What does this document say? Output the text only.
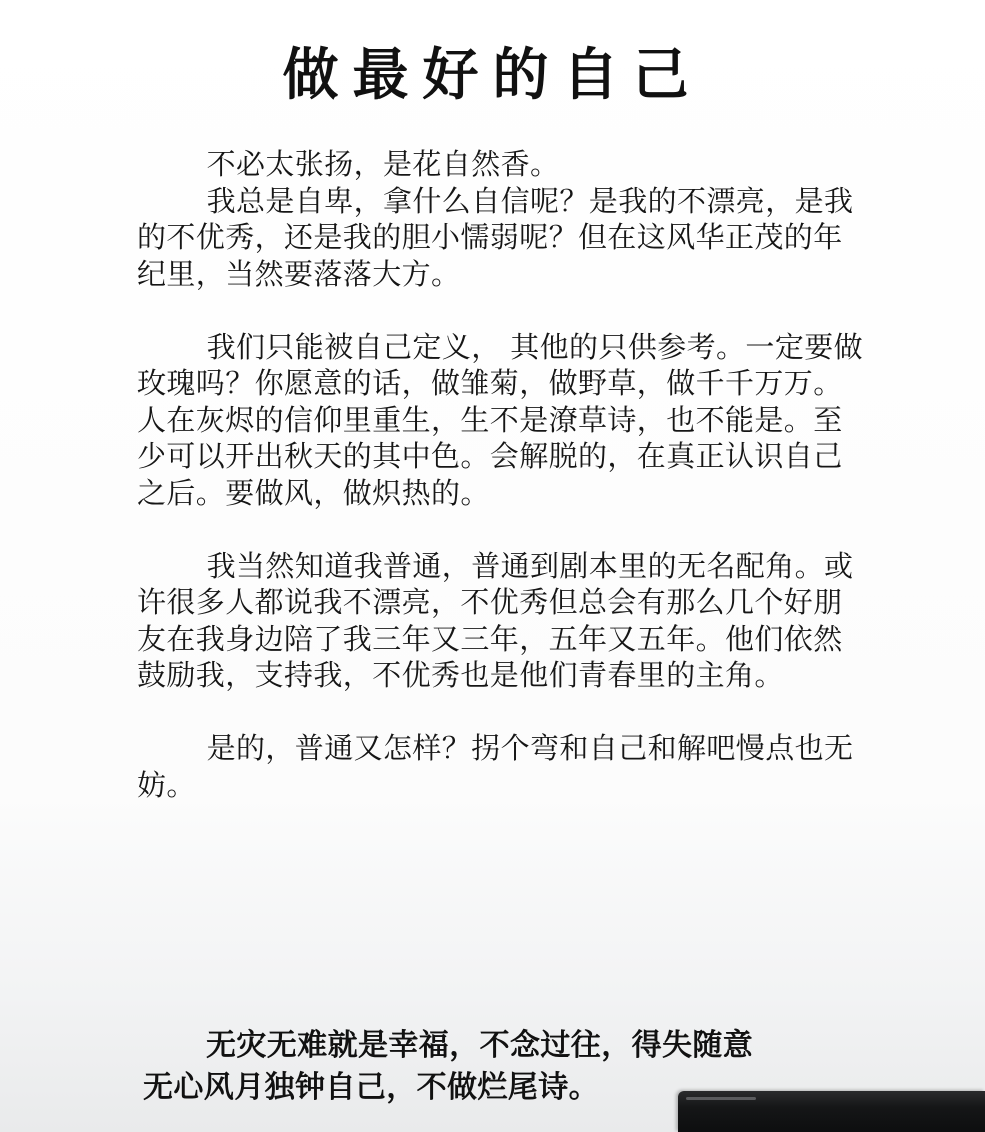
做最好的自己

不必太张扬，是花自然香。

我总是自卑，拿什么自信呢？是我的不漂亮，是我的不优秀，还是我的胆小懦弱呢？但在这风华正茂的年纪里，当然要落落大方。

我们只能被自己定义， 其他的只供参考。一定要做玫瑰吗？你愿意的话，做雏菊，做野草，做千千万万。人在灰烬的信仰里重生，生不是潦草诗，也不能是。至少可以开出秋天的其中色。会解脱的，在真正认识自己之后。要做风，做炽热的。

我当然知道我普通，普通到剧本里的无名配角。或许很多人都说我不漂亮，不优秀但总会有那么几个好朋友在我身边陪了我三年又三年，五年又五年。他们依然鼓励我，支持我，不优秀也是他们青春里的主角。

是的，普通又怎样？拐个弯和自己和解吧慢点也无妨。

无灾无难就是幸福，不念过往，得失随意
无心风月独钟自己，不做烂尾诗。
